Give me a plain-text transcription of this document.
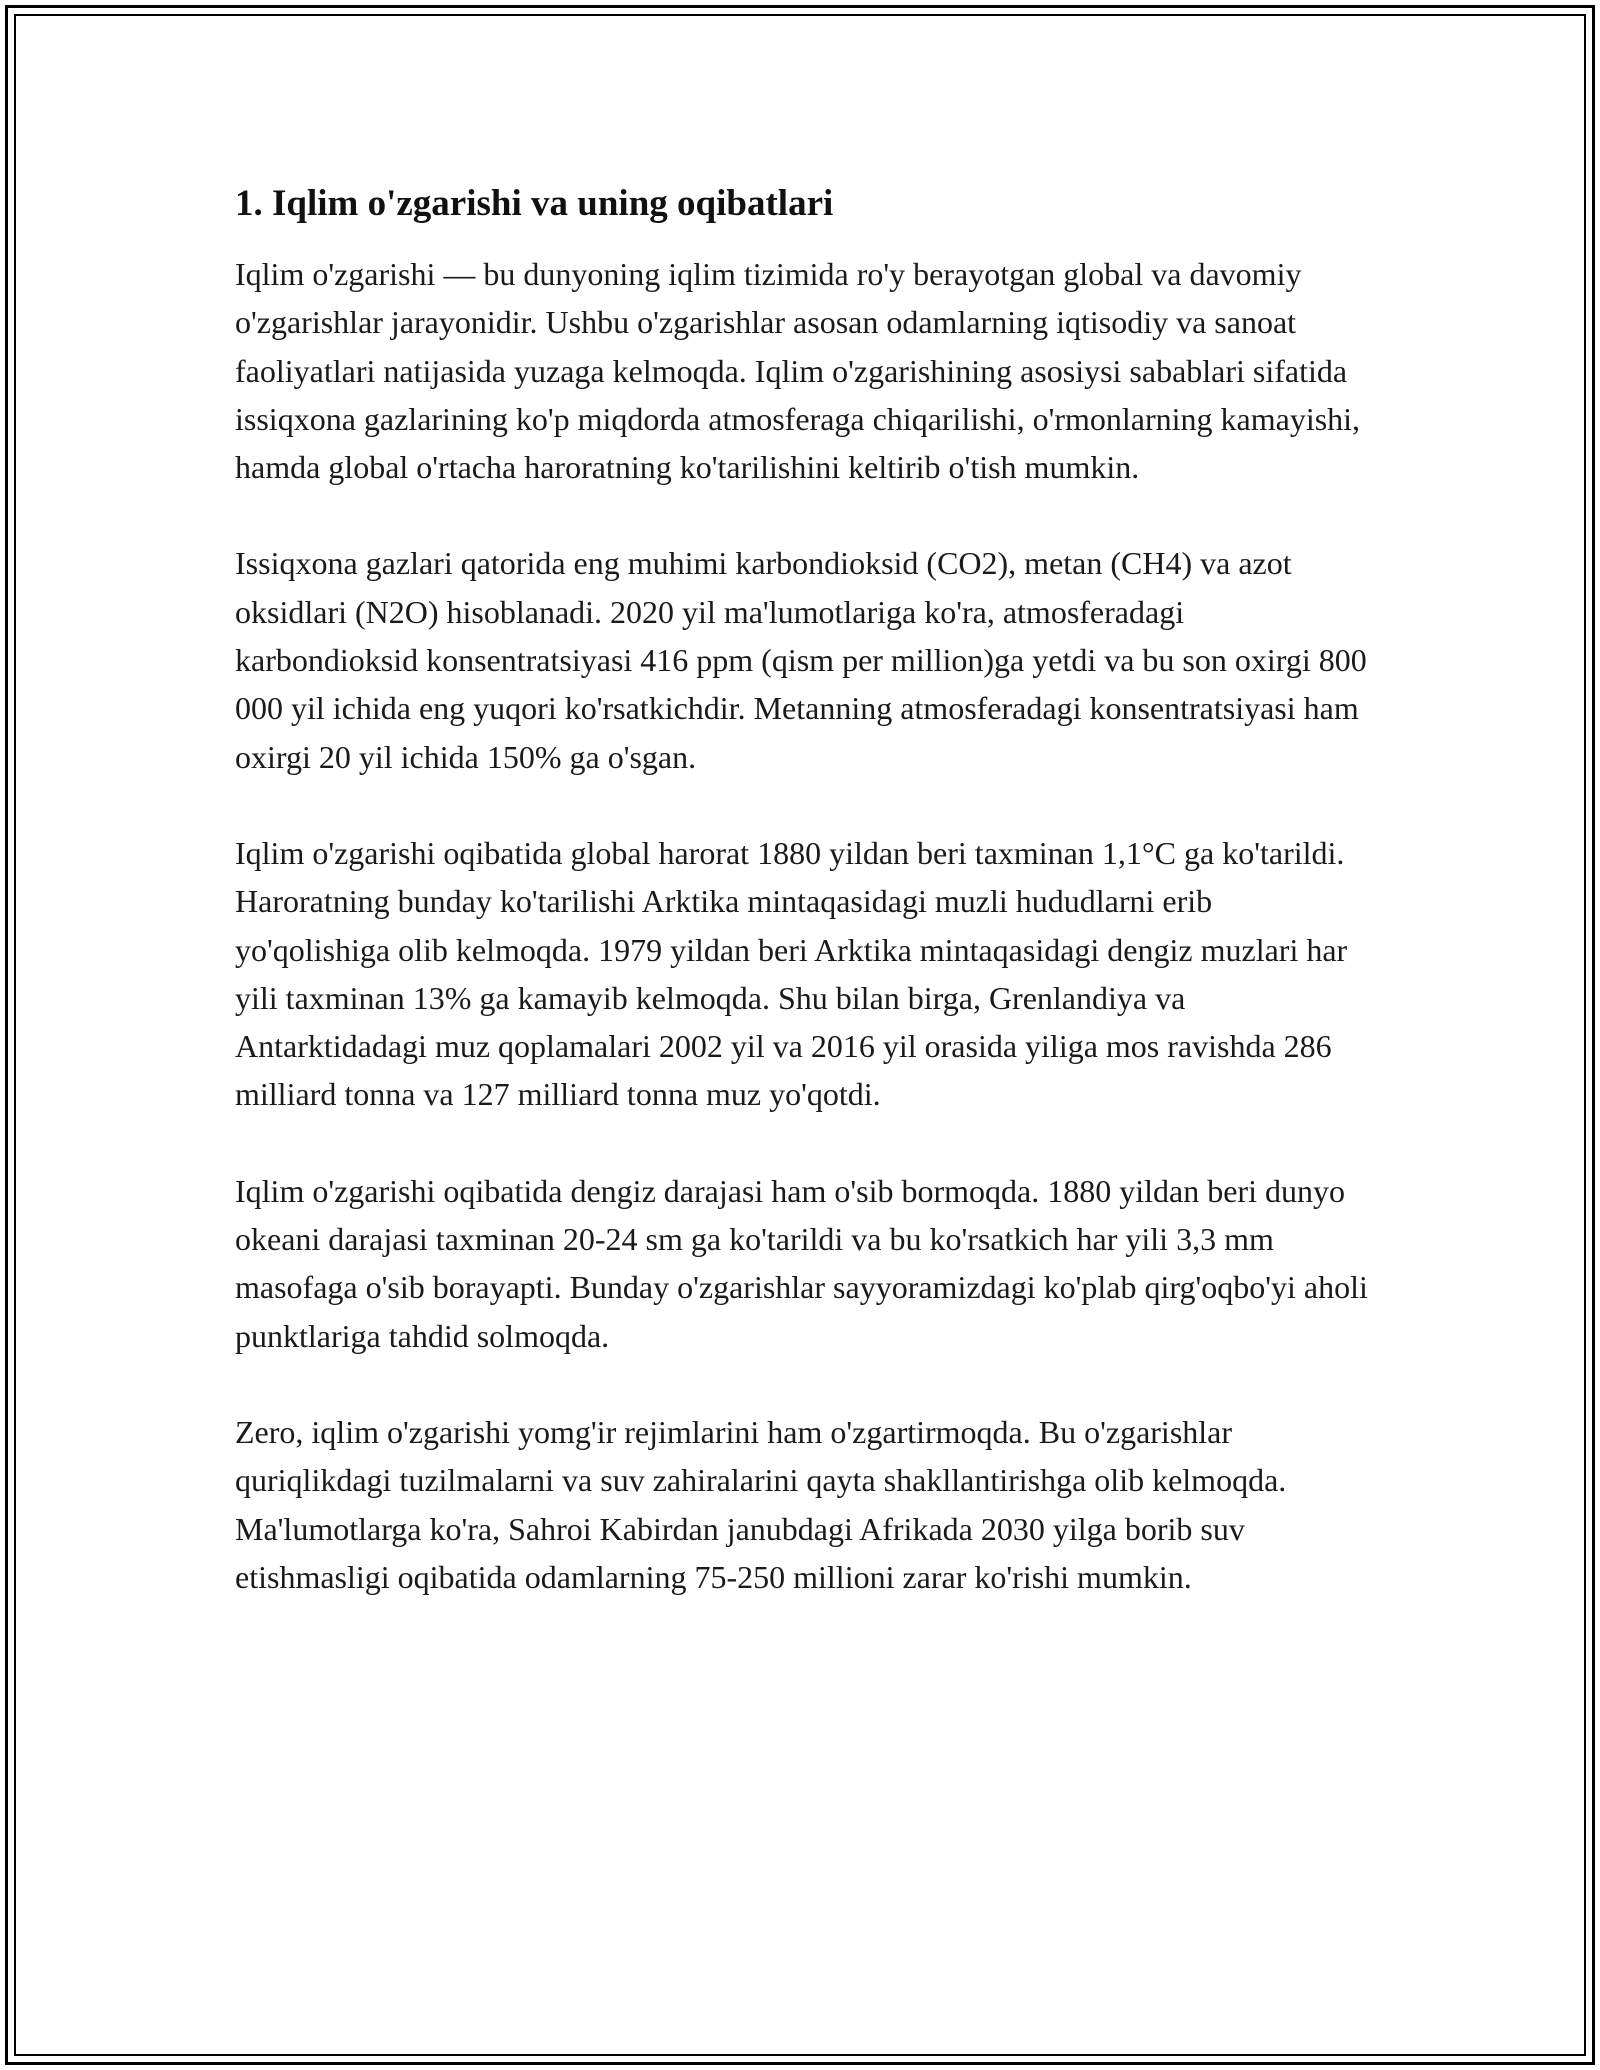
1. Iqlim o'zgarishi va uning oqibatlari

Iqlim o'zgarishi — bu dunyoning iqlim tizimida ro'y berayotgan global va davomiy o'zgarishlar jarayonidir. Ushbu o'zgarishlar asosan odamlarning iqtisodiy va sanoat faoliyatlari natijasida yuzaga kelmoqda. Iqlim o'zgarishining asosiysi sabablari sifatida issiqxona gazlarining ko'p miqdorda atmosferaga chiqarilishi, o'rmonlarning kamayishi, hamda global o'rtacha haroratning ko'tarilishini keltirib o'tish mumkin.

Issiqxona gazlari qatorida eng muhimi karbondioksid (CO2), metan (CH4) va azot oksidlari (N2O) hisoblanadi. 2020 yil ma'lumotlariga ko'ra, atmosferadagi karbondioksid konsentratsiyasi 416 ppm (qism per million)ga yetdi va bu son oxirgi 800 000 yil ichida eng yuqori ko'rsatkichdir. Metanning atmosferadagi konsentratsiyasi ham oxirgi 20 yil ichida 150% ga o'sgan.

Iqlim o'zgarishi oqibatida global harorat 1880 yildan beri taxminan 1,1°C ga ko'tarildi. Haroratning bunday ko'tarilishi Arktika mintaqasidagi muzli hududlarni erib yo'qolishiga olib kelmoqda. 1979 yildan beri Arktika mintaqasidagi dengiz muzlari har yili taxminan 13% ga kamayib kelmoqda. Shu bilan birga, Grenlandiya va Antarktidadagi muz qoplamalari 2002 yil va 2016 yil orasida yiliga mos ravishda 286 milliard tonna va 127 milliard tonna muz yo'qotdi.

Iqlim o'zgarishi oqibatida dengiz darajasi ham o'sib bormoqda. 1880 yildan beri dunyo okeani darajasi taxminan 20-24 sm ga ko'tarildi va bu ko'rsatkich har yili 3,3 mm masofaga o'sib borayapti. Bunday o'zgarishlar sayyoramizdagi ko'plab qirg'oqbo'yi aholi punktlariga tahdid solmoqda.

Zero, iqlim o'zgarishi yomg'ir rejimlarini ham o'zgartirmoqda. Bu o'zgarishlar quriqlikdagi tuzilmalarni va suv zahiralarini qayta shakllantirishga olib kelmoqda. Ma'lumotlarga ko'ra, Sahroi Kabirdan janubdagi Afrikada 2030 yilga borib suv etishmasligi oqibatida odamlarning 75-250 millioni zarar ko'rishi mumkin.
